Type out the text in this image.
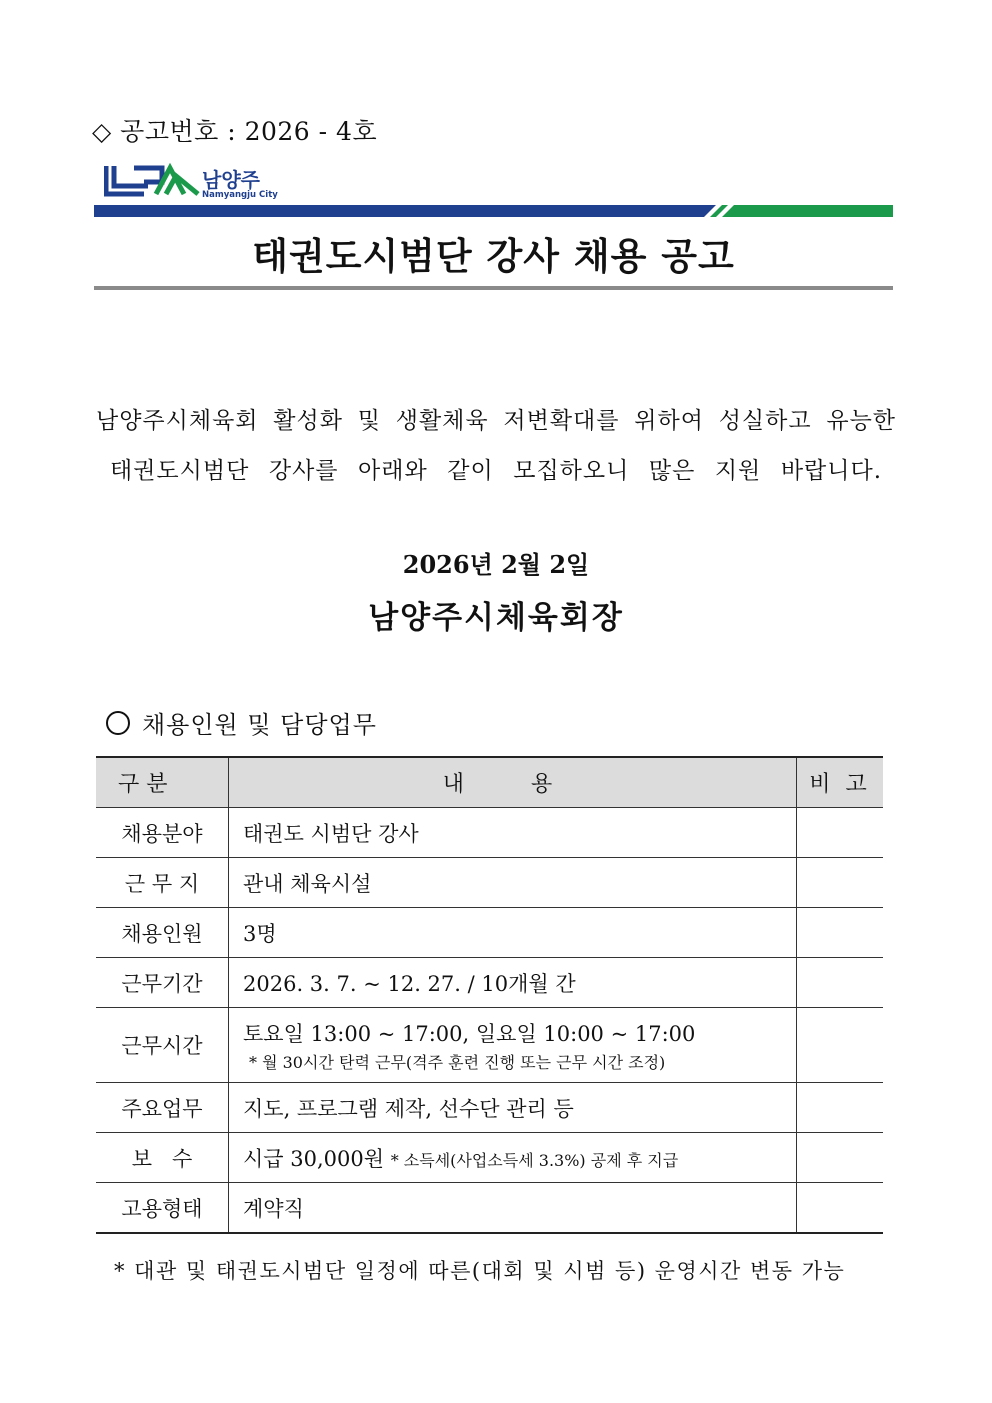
◇ 공고번호 : 2026 - 4호
남양주
Namyangju City
태권도시범단 강사 채용 공고
남양주시체육회 활성화 및 생활체육 저변확대를 위하여 성실하고 유능한
태권도시범단 강사를 아래와 같이 모집하오니 많은 지원 바랍니다.
2026년 2월 2일
남양주시체육회장
채용인원 및 담당업무
구 분	내 용	비 고
채용분야	태권도 시범단 강사	
근 무 지	관내 체육시설	
채용인원	3명	
근무기간	2026. 3. 7. ~ 12. 27. / 10개월 간	
근무시간	토요일 13:00 ~ 17:00, 일요일 10:00 ~ 17:00
* 월 30시간 탄력 근무(격주 훈련 진행 또는 근무 시간 조정)	

주요업무	지도, 프로그램 제작, 선수단 관리 등	
보   수	시급 30,000원 * 소득세(사업소득세 3.3%) 공제 후 지급	
고용형태	계약직	
* 대관 및 태권도시범단 일정에 따른(대회 및 시범 등) 운영시간 변동 가능
